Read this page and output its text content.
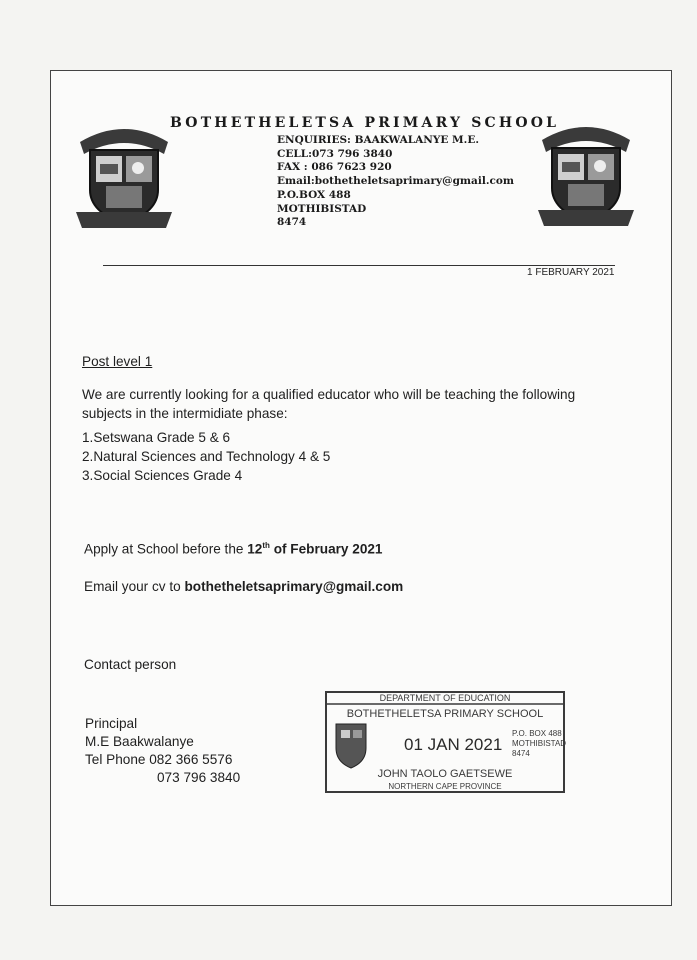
BOTHETHELETSA PRIMARY SCHOOL
ENQUIRIES: BAAKWALANYE M.E.
CELL:073 796 3840
FAX : 086 7623 920
Email:bothetheletsaprimary@gmail.com
P.O.BOX 488
MOTHIBISTAD
8474
1 FEBRUARY 2021
Post level 1
We are currently looking for a qualified educator who will be teaching the following
subjects in the intermidiate phase:
1.Setswana Grade 5 & 6
2.Natural Sciences and Technology 4 & 5
3.Social Sciences Grade 4
Apply at School before the 12th of February 2021
Email your cv to bothetheletsaprimary@gmail.com
Contact person
Principal
M.E Baakwalanye
Tel Phone 082 366 5576
073 796 3840
DEPARTMENT OF EDUCATION
BOTHETHELETSA PRIMARY SCHOOL
01 JAN 2021
P.O. BOX 488
MOTHIBISTAD
8474
JOHN TAOLO GAETSEWE
NORTHERN CAPE PROVINCE
